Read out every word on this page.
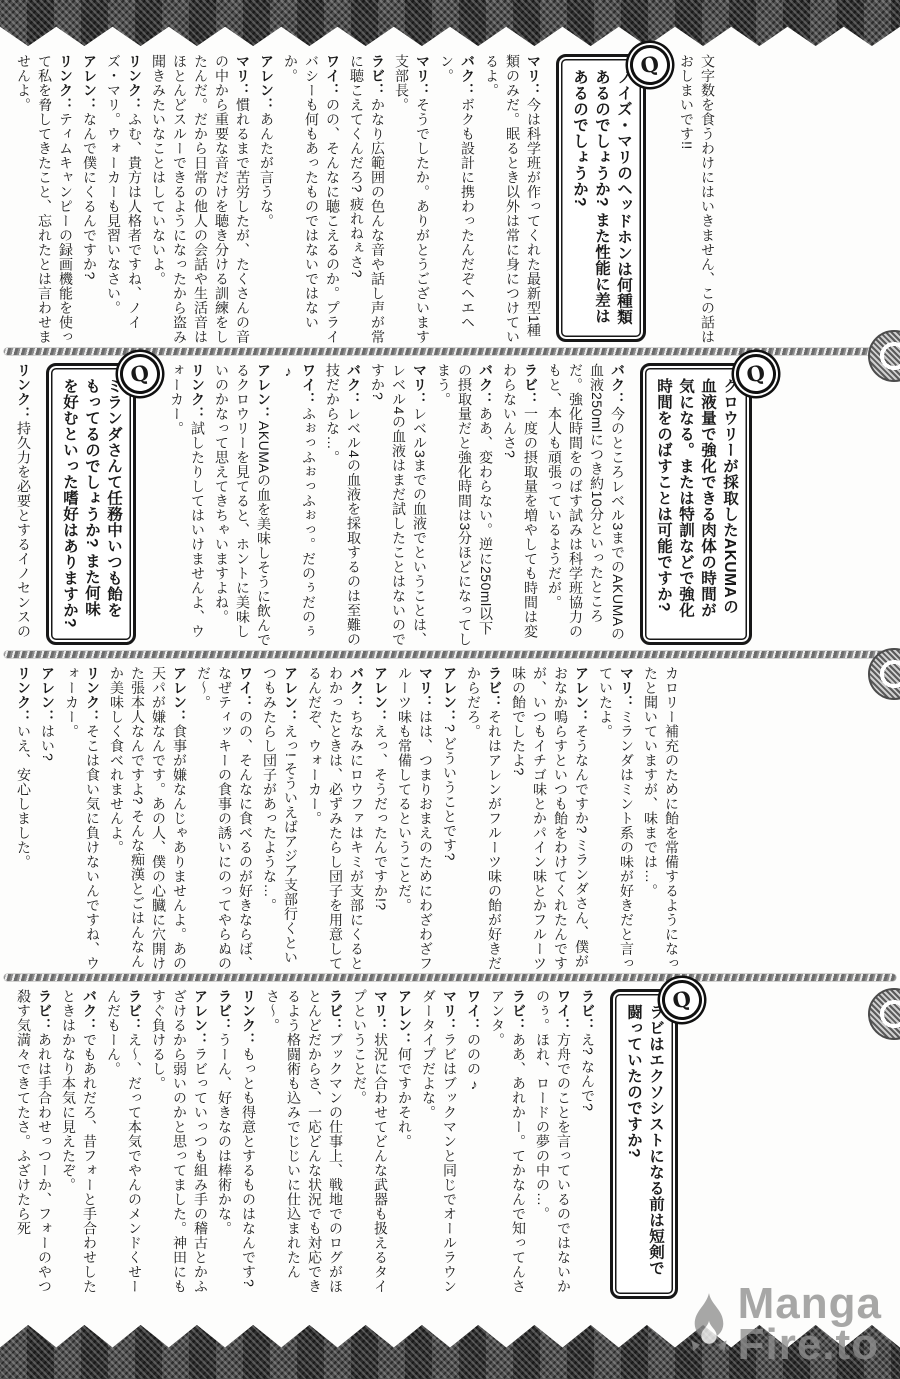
文字数を食うわけにはいきません、この話はおしまいです!!

Q
ノイズ・マリのヘッドホンは何種類あるのでしょうか? また性能に差はあるのでしょうか?

マリ：今は科学班が作ってくれた最新型1種類のみだ。眠るとき以外は常に身につけているよ。

バク：ボクも設計に携わったんだぞヘエヘン。

マリ：そうでしたか。ありがとうございます支部長。

ラビ：かなり広範囲の色んな音や話し声が常に聴こえてくんだろ? 疲れねぇさ?

ワイ：のの、そんなに聴こえるのか。プライバシーも何もあったものではないではないか。

アレン：あんたが言うな。

マリ：慣れるまで苦労したが、たくさんの音の中から重要な音だけを聴き分ける訓練をしたんだ。だから日常の他人の会話や生活音はほとんどスルーできるようになったから盗み聞きみたいなことはしていないよ。

リンク：ふむ、貴方は人格者ですね、ノイズ・マリ。ウォーカーも見習いなさい。

アレン：なんで僕にくるんですか?

リンク：ティムキャンピーの録画機能を使って私を脅してきたこと、忘れたとは言わせませんよ。

Q
クロウリーが採取したAKUMAの血液量で強化できる肉体の時間が気になる。または特訓などで強化時間をのばすことは可能ですか?

バク：今のところレベル3までのAKUMAの血液250mlにつき約10分といったところだ。強化時間をのばす試みは科学班協力のもと、本人も頑張っているようだが。

ラビ：一度の摂取量を増やしても時間は変わらないんさ?

バク：ああ、変わらない。逆に250ml以下の摂取量だと強化時間は3分ほどになってしまう。

マリ：レベル3までの血液でということは、レベル4の血液はまだ試したことはないのですか?

バク：レベル4の血液を採取するのは至難の技だからな…。

ワイ：ふぉっふぉっふぉっ。だのぅだのぅ♪

アレン：AKUMAの血を美味しそうに飲んでるクロウリーを見てると、ホントに美味しいのかなって思えてきちゃいますよね。

リンク：試したりしてはいけませんよ、ウォーカー。

Q
ミランダさんて任務中いつも飴をもってるのでしょうか? また何味を好むといった嗜好はありますか?

リンク：持久力を必要とするイノセンスの

カロリー補充のために飴を常備するようになったと聞いていますが、味までは…。

マリ：ミランダはミント系の味が好きだと言っていたよ。

アレン：そうなんですか? ミランダさん、僕がおなか鳴らすといつも飴をわけてくれたんですが、いつもイチゴ味とかパイン味とかフルーツ味の飴でしたよ?

ラビ：それはアレンがフルーツ味の飴が好きだからだろ。

アレン：? どういうことです?

マリ：はは、つまりおまえのためにわざわざフルーツ味も常備してるということだ。

アレン：えっ、そうだったんですか!?

バク：ちなみにロウファはキミが支部にくるとわかったときは、必ずみたらし団子を用意してるんだぞ、ウォーカー。

アレン：えっ! そういえばアジア支部行くといつもみたらし団子があったような…。

ワイ：のの、そんなに食べるのが好きならば、なぜティッキーの食事の誘いにのってやらぬのだ〜。

アレン：食事が嫌なんじゃありませんよ。あの天パが嫌なんです。あの人、僕の心臓に穴開けた張本人なんですよ? そんな痴漢とごはんなんか美味しく食べれませんよ。

リンク：そこは食い気に負けないんですね、ウォーカー。

アレン：はい?

リンク：いえ、安心しました。

Q
ラビはエクソシストになる前は短剣で闘っていたのですか?

ラビ：え? なんで?

ワイ：方舟でのことを言っているのではないかのぅ。ほれ、ロードの夢の中の…。

ラビ：ああ、あれかー。てかなんで知ってんさアンタ。

ワイ：ののの♪

マリ：ラビはブックマンと同じでオールラウンダータイプだよな。

アレン：何ですかそれ。

マリ：状況に合わせてどんな武器も扱えるタイプということだ。

ラビ：ブックマンの仕事上、戦地でのログがほとんどだからさ、一応どんな状況でも対応できるよう格闘術も込みでじじいに仕込まれたんさ〜。

リンク：もっとも得意とするものはなんです?

ラビ：うーん、好きなのは棒術かな。

アレン：ラビっていっつも組み手の稽古とかふざけるから弱いのかと思ってました。神田にもすぐ負けるし。

ラビ：え〜、だって本気でやんのメンドくせーんだもーん。

バク：でもあれだろ、昔フォーと手合わせしたときはかなり本気に見えたぞ。

ラビ：あれは手合わせっつーか、フォーのやつ殺す気満々できてたさ。ふざけたら死

Manga
Fire.to
